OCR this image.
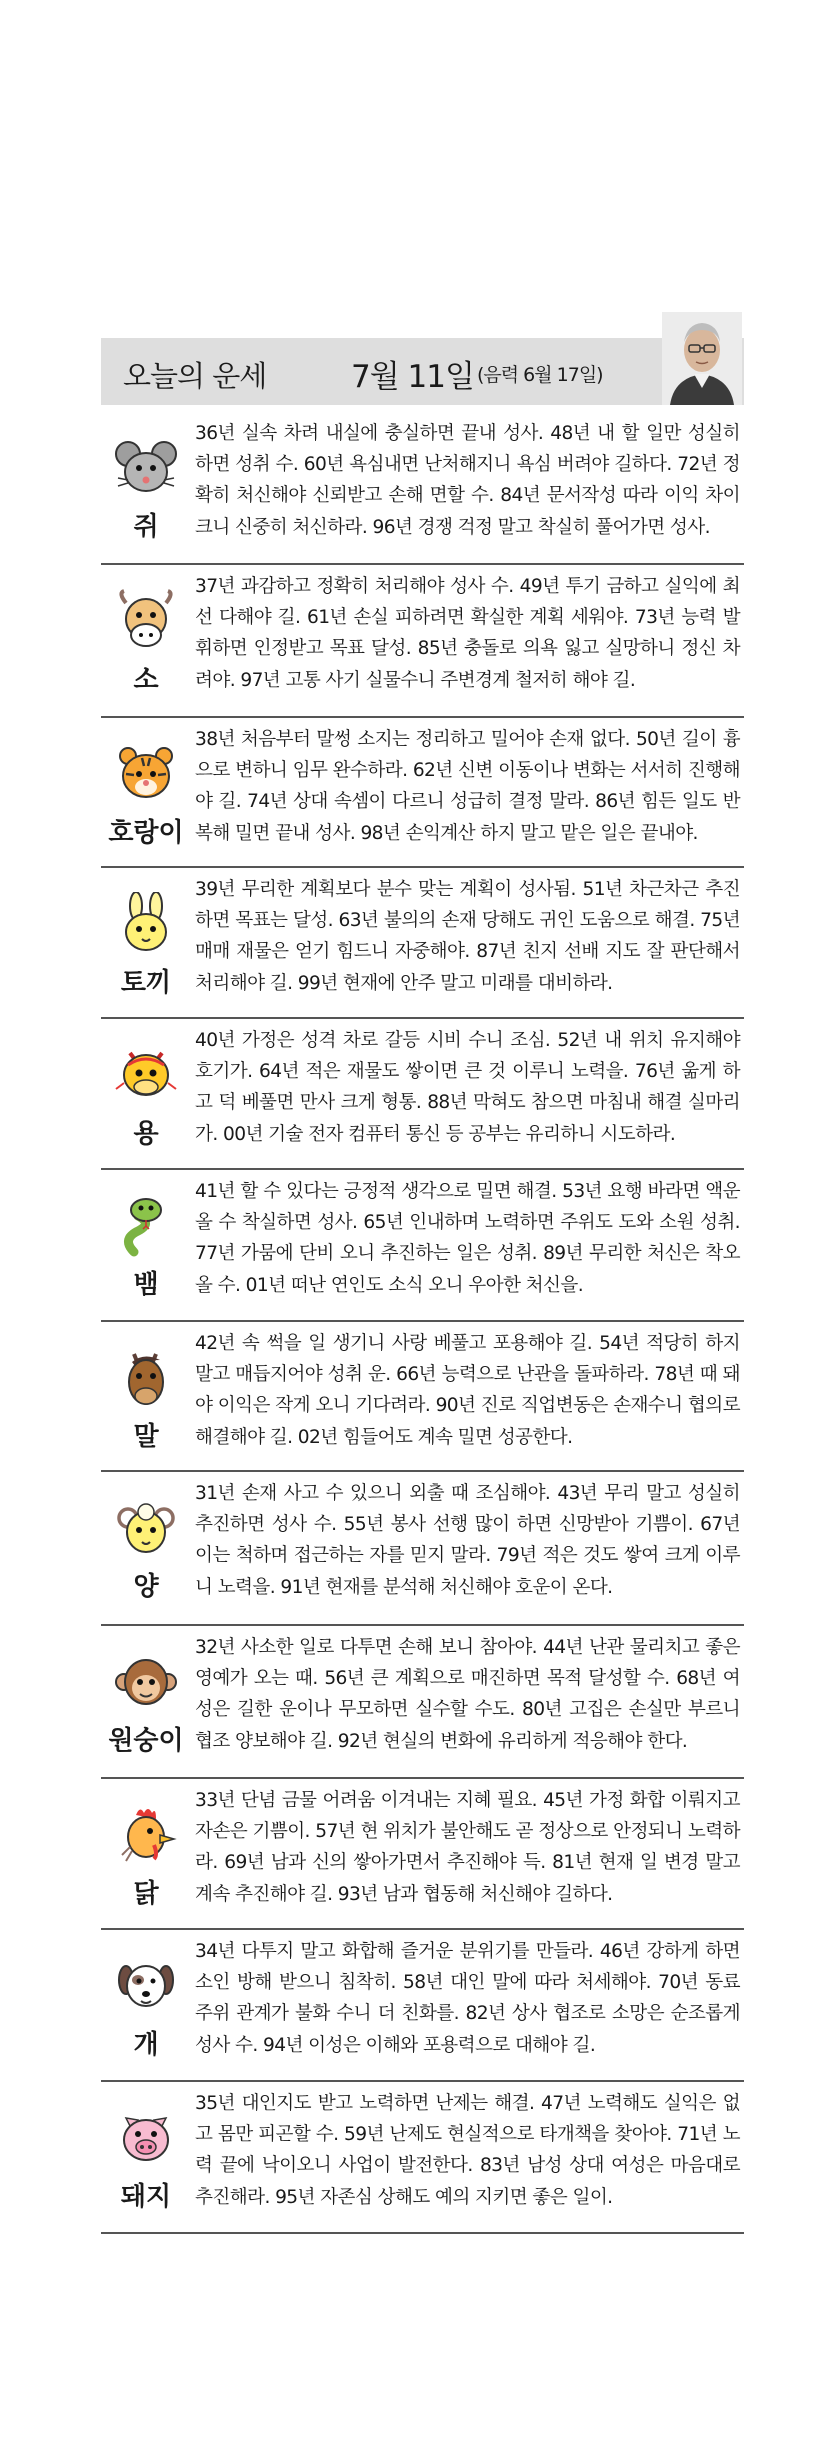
오늘의 운세	7월 11일 (음력 6월 17일)
쥐

36년 실속 차려 내실에 충실하면 끝내 성사. 48년 내 할 일만 성실히 하면 성취 수. 60년 욕심내면 난처해지니 욕심 버려야 길하다. 72년 정확히 처신해야 신뢰받고 손해 면할 수. 84년 문서작성 따라 이익 차이 크니 신중히 처신하라. 96년 경쟁 걱정 말고 착실히 풀어가면 성사.

소

37년 과감하고 정확히 처리해야 성사 수. 49년 투기 금하고 실익에 최선 다해야 길. 61년 손실 피하려면 확실한 계획 세워야. 73년 능력 발휘하면 인정받고 목표 달성. 85년 충돌로 의욕 잃고 실망하니 정신 차려야. 97년 고통 사기 실물수니 주변경계 철저히 해야 길.

호랑이

38년 처음부터 말썽 소지는 정리하고 밀어야 손재 없다. 50년 길이 흉으로 변하니 임무 완수하라. 62년 신변 이동이나 변화는 서서히 진행해야 길. 74년 상대 속셈이 다르니 성급히 결정 말라. 86년 힘든 일도 반복해 밀면 끝내 성사. 98년 손익계산 하지 말고 맡은 일은 끝내야.

토끼

39년 무리한 계획보다 분수 맞는 계획이 성사됨. 51년 차근차근 추진하면 목표는 달성. 63년 불의의 손재 당해도 귀인 도움으로 해결. 75년 매매 재물은 얻기 힘드니 자중해야. 87년 친지 선배 지도 잘 판단해서 처리해야 길. 99년 현재에 안주 말고 미래를 대비하라.

용

40년 가정은 성격 차로 갈등 시비 수니 조심. 52년 내 위치 유지해야 호기가. 64년 적은 재물도 쌓이면 큰 것 이루니 노력을. 76년 욺게 하고 덕 베풀면 만사 크게 형통. 88년 막혀도 참으면 마침내 해결 실마리가. 00년 기술 전자 컴퓨터 통신 등 공부는 유리하니 시도하라.

뱀

41년 할 수 있다는 긍정적 생각으로 밀면 해결. 53년 요행 바라면 액운 올 수 착실하면 성사. 65년 인내하며 노력하면 주위도 도와 소원 성취. 77년 가뭄에 단비 오니 추진하는 일은 성취. 89년 무리한 처신은 착오 올 수. 01년 떠난 연인도 소식 오니 우아한 처신을.

말

42년 속 썩을 일 생기니 사랑 베풀고 포용해야 길. 54년 적당히 하지 말고 매듭지어야 성취 운. 66년 능력으로 난관을 돌파하라. 78년 때 돼야 이익은 작게 오니 기다려라. 90년 진로 직업변동은 손재수니 협의로 해결해야 길. 02년 힘들어도 계속 밀면 성공한다.

양

31년 손재 사고 수 있으니 외출 때 조심해야. 43년 무리 말고 성실히 추진하면 성사 수. 55년 봉사 선행 많이 하면 신망받아 기쁨이. 67년 이는 척하며 접근하는 자를 믿지 말라. 79년 적은 것도 쌓여 크게 이루니 노력을. 91년 현재를 분석해 처신해야 호운이 온다.

원숭이

32년 사소한 일로 다투면 손해 보니 참아야. 44년 난관 물리치고 좋은 영예가 오는 때. 56년 큰 계획으로 매진하면 목적 달성할 수. 68년 여성은 길한 운이나 무모하면 실수할 수도. 80년 고집은 손실만 부르니 협조 양보해야 길. 92년 현실의 변화에 유리하게 적응해야 한다.

닭

33년 단념 금물 어려움 이겨내는 지혜 필요. 45년 가정 화합 이뤄지고 자손은 기쁨이. 57년 현 위치가 불안해도 곧 정상으로 안정되니 노력하라. 69년 남과 신의 쌓아가면서 추진해야 득. 81년 현재 일 변경 말고 계속 추진해야 길. 93년 남과 협동해 처신해야 길하다.

개

34년 다투지 말고 화합해 즐거운 분위기를 만들라. 46년 강하게 하면 소인 방해 받으니 침착히. 58년 대인 말에 따라 처세해야. 70년 동료 주위 관계가 불화 수니 더 친화를. 82년 상사 협조로 소망은 순조롭게 성사 수. 94년 이성은 이해와 포용력으로 대해야 길.

돼지

35년 대인지도 받고 노력하면 난제는 해결. 47년 노력해도 실익은 없고 몸만 피곤할 수. 59년 난제도 현실적으로 타개책을 찾아야. 71년 노력 끝에 낙이오니 사업이 발전한다. 83년 남성 상대 여성은 마음대로 추진해라. 95년 자존심 상해도 예의 지키면 좋은 일이.
